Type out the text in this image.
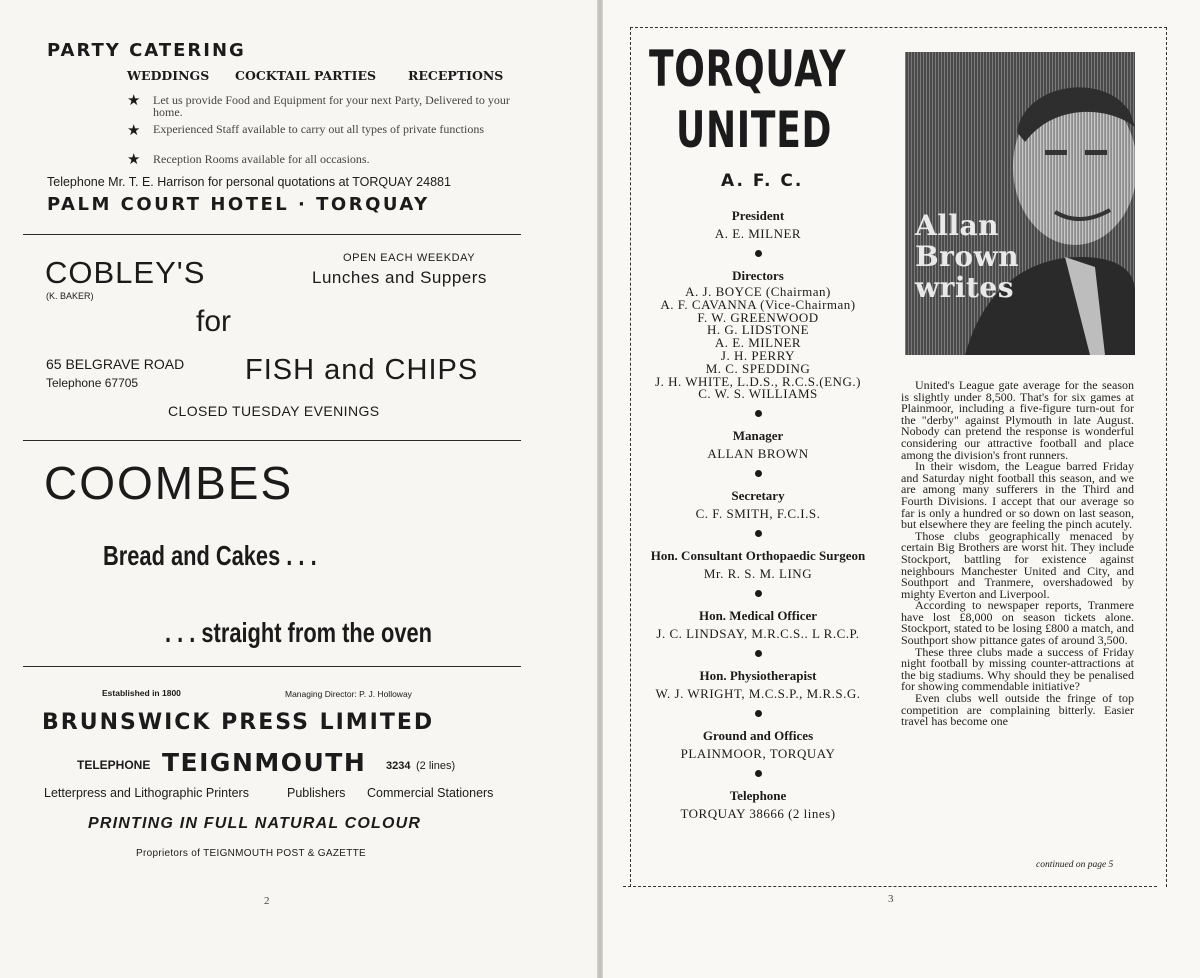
PARTY CATERING
WEDDINGS COCKTAIL PARTIES	RECEPTIONS
★ Let us provide Food and Equipment for your next Party, Delivered to your home.
★ Experienced Staff available to carry out all types of private functions
★ Reception Rooms available for all occasions.
Telephone Mr. T. E. Harrison for personal quotations at TORQUAY 24881
PALM COURT HOTEL · TORQUAY
COBLEY'S
(K. BAKER)
OPEN EACH WEEKDAY
Lunches and Suppers
for
65 BELGRAVE ROAD
Telephone 67705	FISH and CHIPS
CLOSED TUESDAY EVENINGS
COOMBES
Bread and Cakes . . .
. . . straight from the oven
Established in 1800	Managing Director: P. J. Holloway
BRUNSWICK PRESS LIMITED
TELEPHONE TEIGNMOUTH 3234 (2 lines)
Letterpress and Lithographic Printers	Publishers Commercial Stationers
PRINTING IN FULL NATURAL COLOUR
Proprietors of TEIGNMOUTH POST & GAZETTE
2
TORQUAY
UNITED
A. F. C.
President
A. E. MILNER
Directors
A. J. BOYCE (Chairman)
A. F. CAVANNA (Vice-Chairman)
F. W. GREENWOOD
H. G. LIDSTONE
A. E. MILNER
J. H. PERRY
M. C. SPEDDING
J. H. WHITE, L.D.S., R.C.S.(ENG.)
C. W. S. WILLIAMS
Manager
ALLAN BROWN
Secretary
C. F. SMITH, F.C.I.S.
Hon. Consultant Orthopaedic Surgeon
Mr. R. S. M. LING
Hon. Medical Officer
J. C. LINDSAY, M.R.C.S.. L R.C.P.
Hon. Physiotherapist
W. J. WRIGHT, M.C.S.P., M.R.S.G.
Ground and Offices
PLAINMOOR, TORQUAY
Telephone
TORQUAY 38666 (2 lines)
Allan
Brown
writes

United's League gate average for the season is slightly under 8,500. That's for six games at Plainmoor, including a five-figure turn-out for the "derby" against Plymouth in late August. Nobody can pretend the response is wonderful considering our attractive football and place among the division's front runners.

In their wisdom, the League barred Friday and Saturday night football this season, and we are among many sufferers in the Third and Fourth Divisions. I accept that our average so far is only a hundred or so down on last season, but elsewhere they are feeling the pinch acutely.

Those clubs geographically menaced by certain Big Brothers are worst hit. They include Stockport, battling for existence against neighbours Manchester United and City, and Southport and Tranmere, overshadowed by mighty Everton and Liverpool.

According to newspaper reports, Tranmere have lost £8,000 on season tickets alone. Stockport, stated to be losing £800 a match, and Southport show pittance gates of around 3,500.

These three clubs made a success of Friday night football by missing counter-attractions at the big stadiums. Why should they be penalised for showing commendable initiative?

Even clubs well outside the fringe of top competition are complaining bitterly. Easier travel has become one

continued on page 5
3
